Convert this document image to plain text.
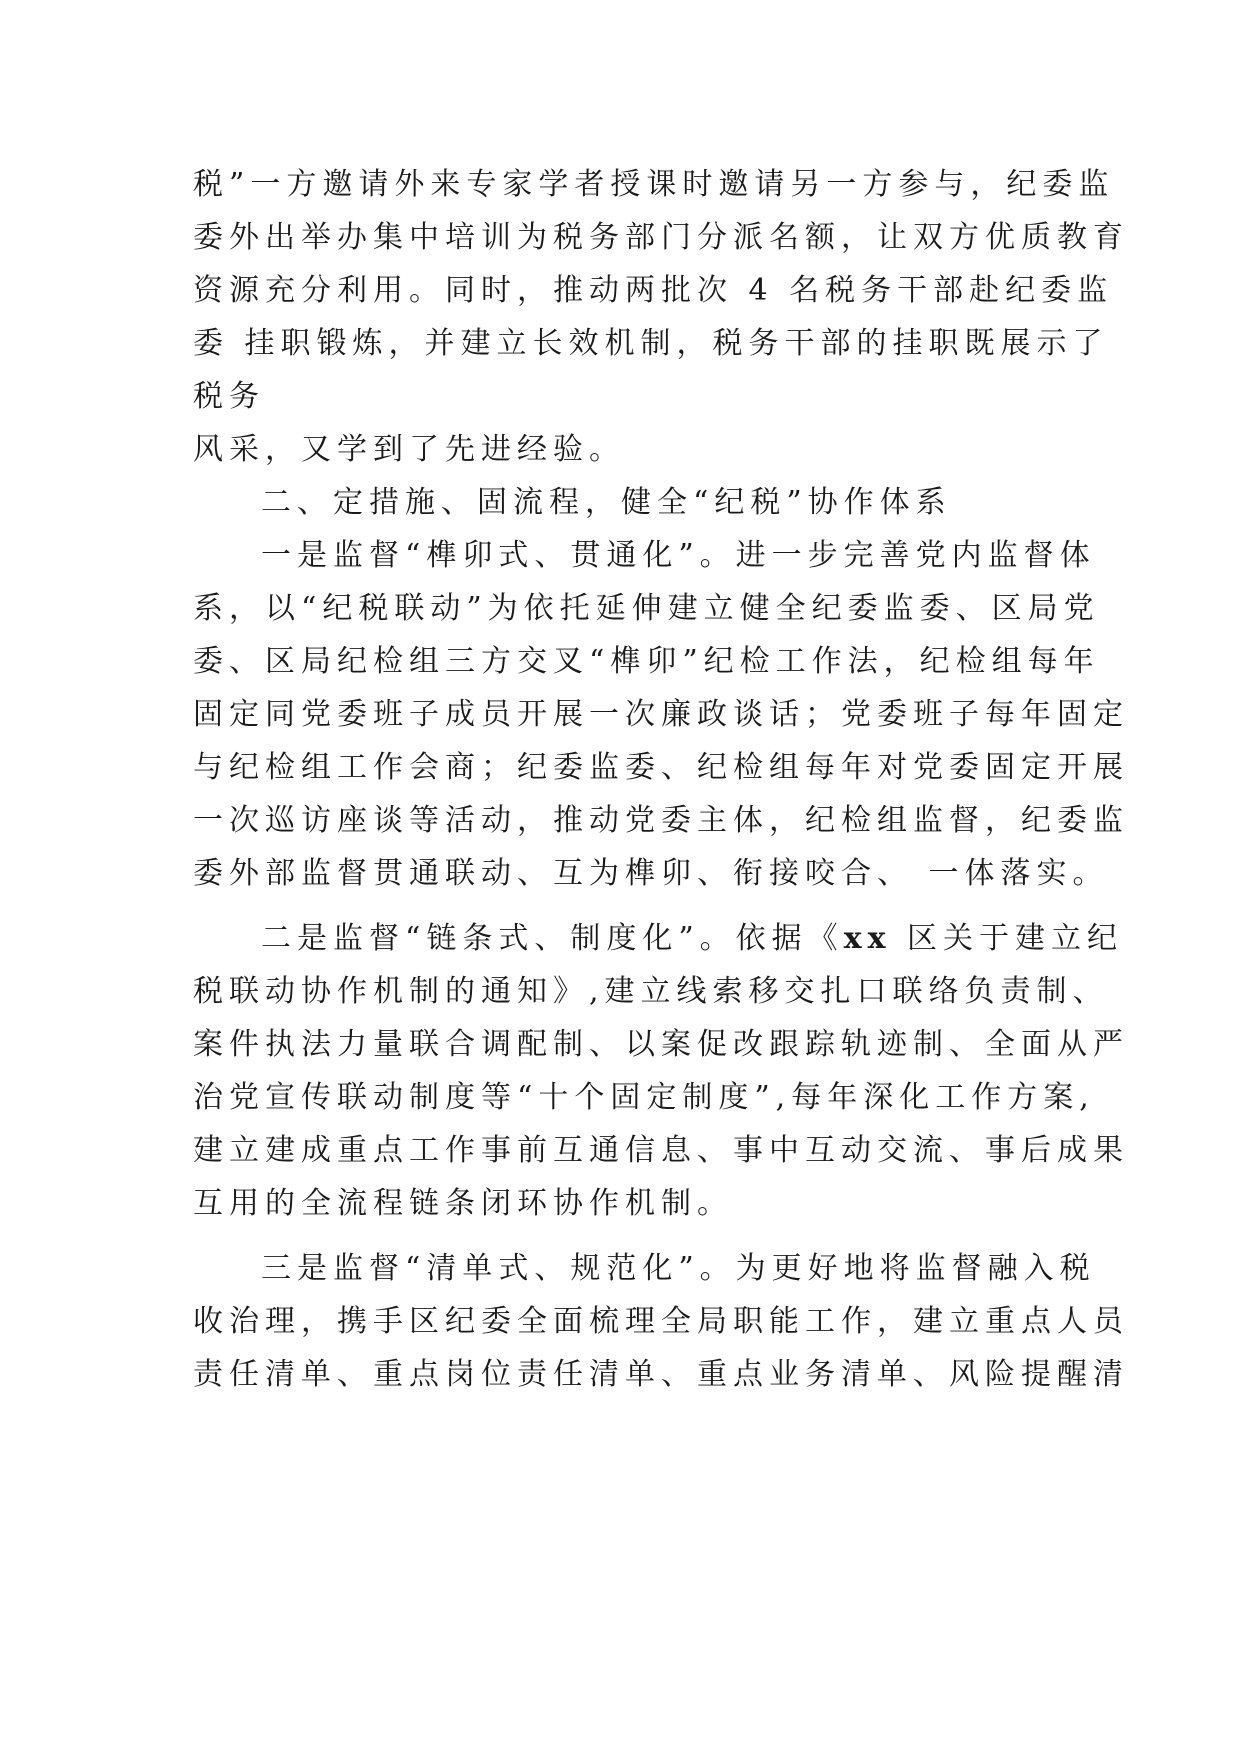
税”一方邀请外来专家学者授课时邀请另一方参与，纪委监
委外出举办集中培训为税务部门分派名额，让双方优质教育
资源充分利用。同时，推动两批次 4 名税务干部赴纪委监
委 挂职锻炼，并建立长效机制，税务干部的挂职既展示了
税务
风采，又学到了先进经验。
二、定措施、固流程，健全“纪税”协作体系
一是监督“榫卯式、贯通化”。进一步完善党内监督体
系，以“纪税联动”为依托延伸建立健全纪委监委、区局党
委、区局纪检组三方交叉“榫卯”纪检工作法，纪检组每年
固定同党委班子成员开展一次廉政谈话；党委班子每年固定
与纪检组工作会商；纪委监委、纪检组每年对党委固定开展
一次巡访座谈等活动，推动党委主体，纪检组监督，纪委监
委外部监督贯通联动、互为榫卯、衔接咬合、 一体落实。
二是监督“链条式、制度化”。依据《xx 区关于建立纪
税联动协作机制的通知》,建立线索移交扎口联络负责制、
案件执法力量联合调配制、以案促改跟踪轨迹制、全面从严
治党宣传联动制度等“十个固定制度”,每年深化工作方案,
建立建成重点工作事前互通信息、事中互动交流、事后成果
互用的全流程链条闭环协作机制。
三是监督“清单式、规范化”。为更好地将监督融入税
收治理，携手区纪委全面梳理全局职能工作，建立重点人员
责任清单、重点岗位责任清单、重点业务清单、风险提醒清
